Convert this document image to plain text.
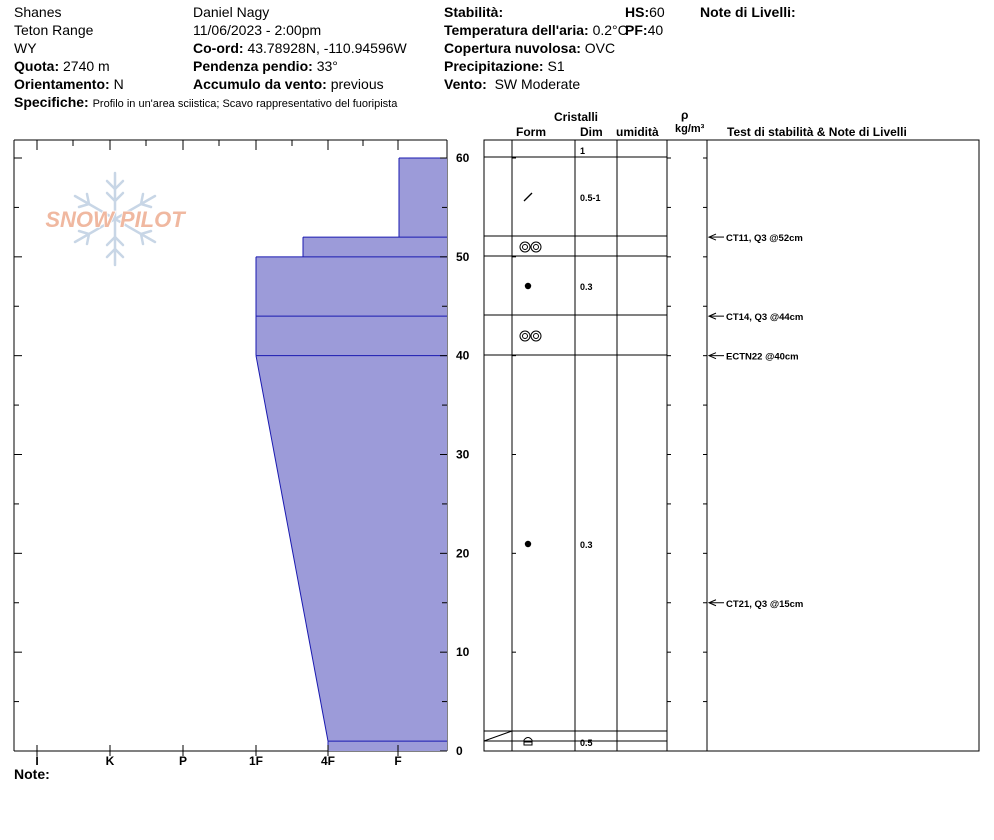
Shanes
Teton Range
WY
Quota: 2740 m
Orientamento: N
Specifiche: Profilo in un'area sciistica; Scavo rappresentativo del fuoripista
Daniel Nagy
11/06/2023 - 2:00pm
Co-ord: 43.78928N, -110.94596W
Pendenza pendio: 33°
Accumulo da vento: previous
Stabilità:
Temperatura dell'aria: 0.2°C
Copertura nuvolosa: OVC
Precipitazione: S1
Vento: SW Moderate
HS:60
PF:40
Note di Livelli:
Note:
Cristalli
Form	Dim umidità
ρ
kg/m³ Test di stabilità & Note di Livelli
SNOW PILOT
I	K	P	1F	4F	F
0
10
20
30
40
50
60	1
0.5-1
0.3
0.3
0.5
CT11, Q3 @52cm
CT14, Q3 @44cm
ECTN22 @40cm
CT21, Q3 @15cm
